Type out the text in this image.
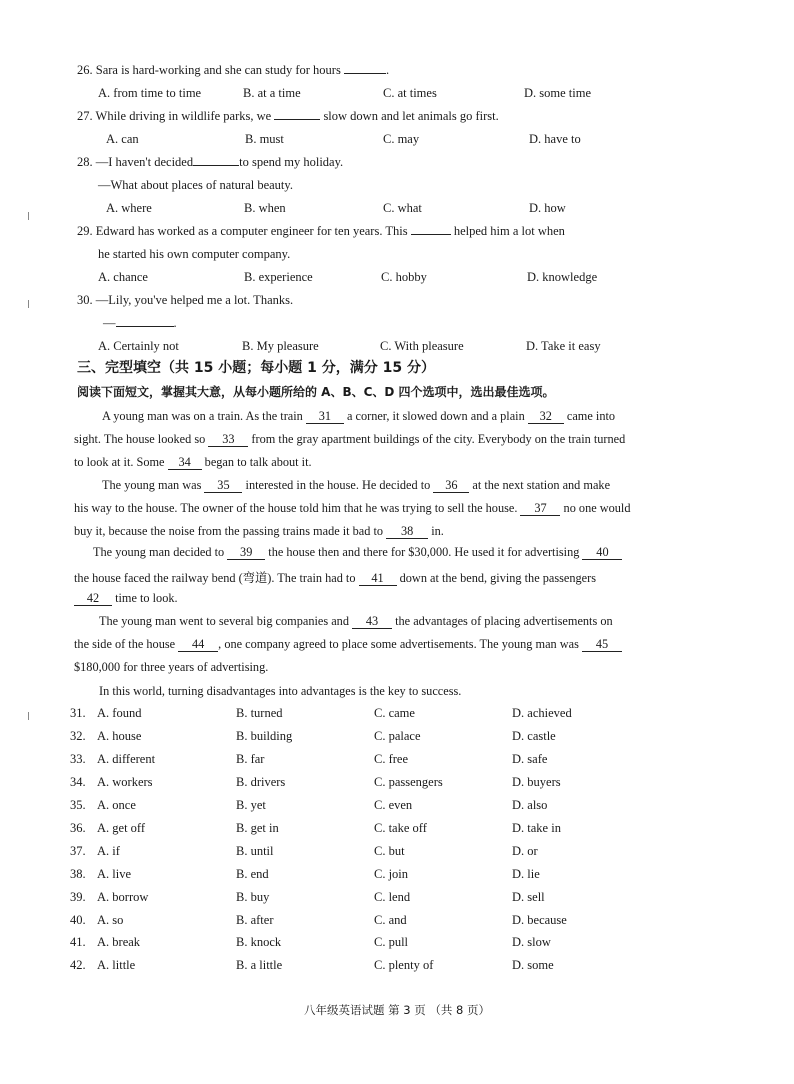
26. Sara is hard-working and she can study for hours	.
A. from time to time	B. at a time	C. at times	D. some time
27. While driving in wildlife parks, we	slow down and let animals go first.
A. can	B. must	C. may	D. have to
28. —I haven't decided	to spend my holiday.
—What about places of natural beauty.
A. where	B. when	C. what	D. how
29. Edward has worked as a computer engineer for ten years. This	helped him a lot when
he started his own computer company.
A. chance	B. experience	C. hobby	D. knowledge
30. —Lily, you've helped me a lot. Thanks.
—	.
A. Certainly not	B. My pleasure	C. With pleasure	D. Take it easy
三、完型填空（共 15 小题；每小题 1 分，满分 15 分）
阅读下面短文，掌握其大意，从每小题所给的 A、B、C、D 四个选项中，选出最佳选项。
A young man was on a train. As the train 31 a corner, it slowed down and a plain 32 came into
sight. The house looked so 33 from the gray apartment buildings of the city. Everybody on the train turned
to look at it. Some 34 began to talk about it.
The young man was 35 interested in the house. He decided to 36 at the next station and make
his way to the house. The owner of the house told him that he was trying to sell the house. 37 no one would
buy it, because the noise from the passing trains made it bad to 38 in.
The young man decided to 39 the house then and there for $30,000. He used it for advertising 40
the house faced the railway bend (弯道). The train had to 41 down at the bend, giving the passengers
42 time to look.
The young man went to several big companies and 43 the advantages of placing advertisements on
the side of the house 44 , one company agreed to place some advertisements. The young man was 45
$180,000 for three years of advertising.
In this world, turning disadvantages into advantages is the key to success.
31. A. found	B. turned	C. came	D. achieved
32. A. house	B. building	C. palace	D. castle
33. A. different	B. far	C. free	D. safe
34. A. workers	B. drivers	C. passengers	D. buyers
35. A. once	B. yet	C. even	D. also
36. A. get off	B. get in	C. take off	D. take in
37. A. if	B. until	C. but	D. or
38. A. live	B. end	C. join	D. lie
39. A. borrow	B. buy	C. lend	D. sell
40. A. so	B. after	C. and	D. because
41. A. break	B. knock	C. pull	D. slow
42. A. little	B. a little	C. plenty of	D. some
八年级英语试题 第 3 页 （共 8 页）
